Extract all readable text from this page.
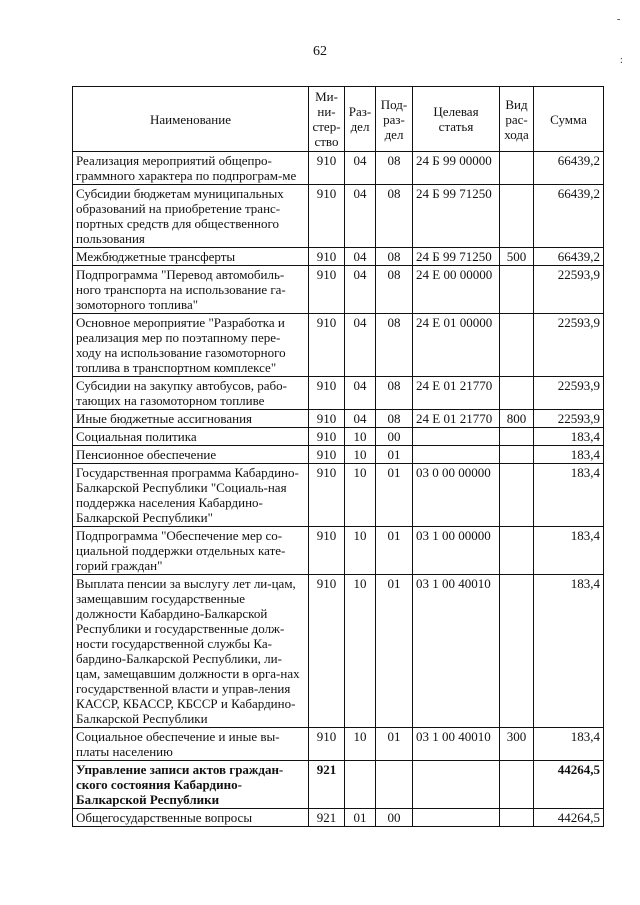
62
-
:
Наименование	Ми-ни-стер-ство	Раз-дел	Под-раз-дел	Целевая статья	Вид рас-хода	Сумма
Реализация мероприятий общепро-граммного характера по подпрограм-ме	910	04	08	24 Б 99 00000		66439,2
Субсидии бюджетам муниципальных образований на приобретение транс-портных средств для общественного пользования	910	04	08	24 Б 99 71250		66439,2
Межбюджетные трансферты	910	04	08	24 Б 99 71250	500	66439,2
Подпрограмма "Перевод автомобиль-ного транспорта на использование га-зомоторного топлива"	910	04	08	24 Е 00 00000		22593,9
Основное мероприятие "Разработка и реализация мер по поэтапному пере-ходу на использование газомоторного топлива в транспортном комплексе"	910	04	08	24 Е 01 00000		22593,9
Субсидии на закупку автобусов, рабо-тающих на газомоторном топливе	910	04	08	24 Е 01 21770		22593,9
Иные бюджетные ассигнования	910	04	08	24 Е 01 21770	800	22593,9
Социальная политика	910	10	00			183,4
Пенсионное обеспечение	910	10	01			183,4
Государственная программа Кабардино-Балкарской Республики "Социаль-ная поддержка населения Кабардино-Балкарской Республики"	910	10	01	03 0 00 00000		183,4
Подпрограмма "Обеспечение мер со-циальной поддержки отдельных кате-горий граждан"	910	10	01	03 1 00 00000		183,4
Выплата пенсии за выслугу лет ли-цам, замещавшим государственные должности Кабардино-Балкарской Республики и государственные долж-ности государственной службы Ка-бардино-Балкарской Республики, ли-цам, замещавшим должности в орга-нах государственной власти и управ-ления КАССР, КБАССР, КБССР и Кабардино-Балкарской Республики	910	10	01	03 1 00 40010		183,4
Социальное обеспечение и иные вы-платы населению	910	10	01	03 1 00 40010	300	183,4
Управление записи актов граждан-ского состояния Кабардино-Балкарской Республики	921					44264,5
Общегосударственные вопросы	921	01	00			44264,5
